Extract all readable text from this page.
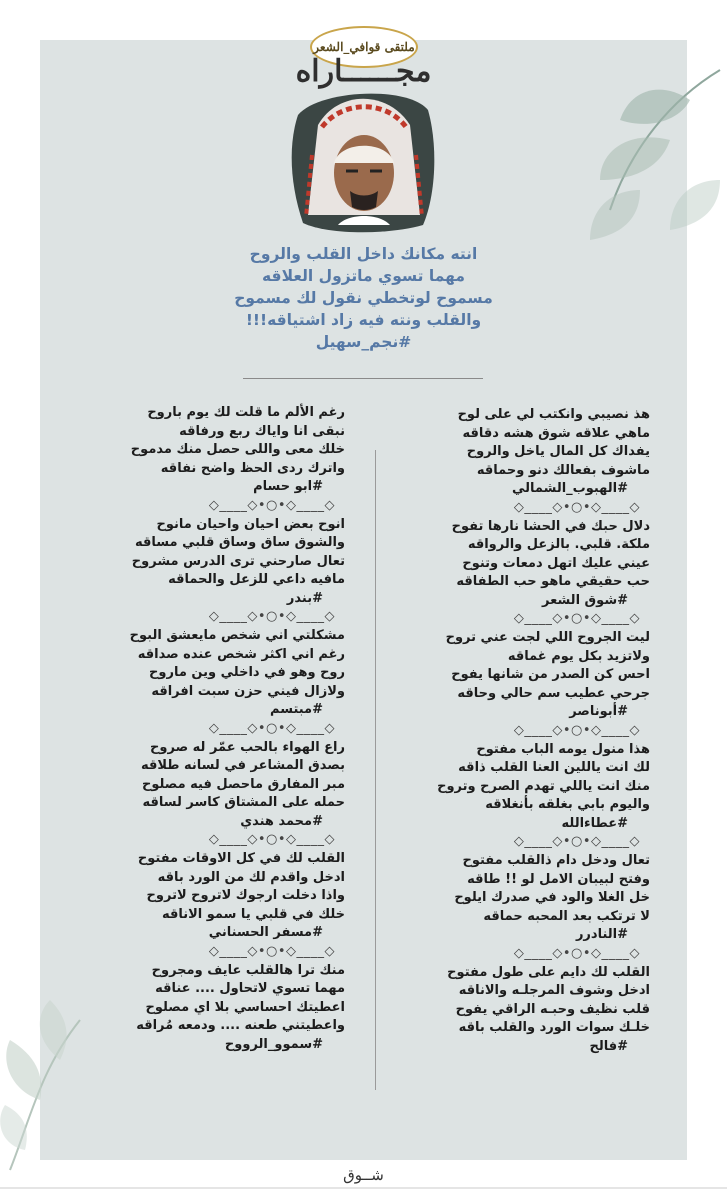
ملتقى قوافي_الشعر
مجــــــاراه
انته مكانك داخل القلب والروح
مهما تسوي ماتزول العلاقه
مسموح لوتخطي نقول لك مسموح
والقلب ونته فيه زاد اشتياقه!!!
#نجم_سهيل
هذ نصيبي وانكتب لي على لوح
ماهي علاقه شوق هشه دقاقه
يفداك كل المال ياخل والروح
ماشوف بفعالك دنو وحماقه
#الهبوب_الشمالي
◇____◇•○•◇____◇
دلال حبك في الحشا نارها تفوح
ملكة. قلبي. بالزعل والرواقه
عيني عليك اتهل دمعات وتنوح
حب حقيقي ماهو حب الطفاقه
#شوق الشعر
◇____◇•○•◇____◇
ليت الجروح اللي لجت عني تروح
ولاتزيد بكل يوم غماقه
احس كن الصدر من شانها يفوح
جرحي عطيب سم حالي وحاقه
#أبوناصر
◇____◇•○•◇____◇
هذا منول يومه الباب مفتوح
لك انت ياللين العنا القلب ذاقه
منك انت ياللي تهدم الصرح وتروح
واليوم بابي بغلقه بأنغلاقه
#عطاءالله
◇____◇•○•◇____◇
تعال ودخل دام ذالقلب مفتوح
وفتح لبيبان الامل لو !! طاقه
خل الغلا والود في صدرك ايلوح
لا ترتكب بعد المحبه حماقه
#النادرر
◇____◇•○•◇____◇
القلب لك دايم على طول مفتوح
ادخل وشوف المرجلـه والاناقه
قلب نظيف وحبـه الراقي يفوح
خلـك سوات الورد والقلب باقه
#فالح
رغم الألم ما قلت لك يوم باروح
نبقى انا واياك ربع ورفاقه
خلك معى واللى حصل منك مدموح
واترك ردى الحظ واضح نفاقه
#ابو حسام
◇____◇•○•◇____◇
انوح بعض احيان واحيان مانوح
والشوق ساق وساق قلبي مساقه
تعال صارحني ترى الدرس مشروح
مافيه داعي للزعل والحماقه
#بندر
◇____◇•○•◇____◇
مشكلتي اني شخص مايعشق البوح
رغم اني اكثر شخص عنده صداقه
روح وهو في داخلي وين ماروح
ولازال فيني حزن سبت افراقه
#مبتسم
◇____◇•○•◇____◇
راع الهواء بالحب عمّر له صروح
بصدق المشاعر في لسانه طلاقه
مبر المفارق ماحصل فيه مصلوح
حمله على المشتاق كاسر لساقه
#محمد هندي
◇____◇•○•◇____◇
القلب لك في كل الاوقات مفتوح
ادخل واقدم لك من الورد باقه
واذا دخلت ارجوك لاتروح لاتروح
خلك في قلبي يا سمو الاناقه
#مسفر الحسناني
◇____◇•○•◇____◇
منك ترا هالقلب عايف ومجروح
مهما تسوي لاتحاول .... عناقه
اعطيتك احساسي بلا اي مصلوح
واعطيتني طعنه .... ودمعه مُراقه
#سموو_الرووح
شــوق
